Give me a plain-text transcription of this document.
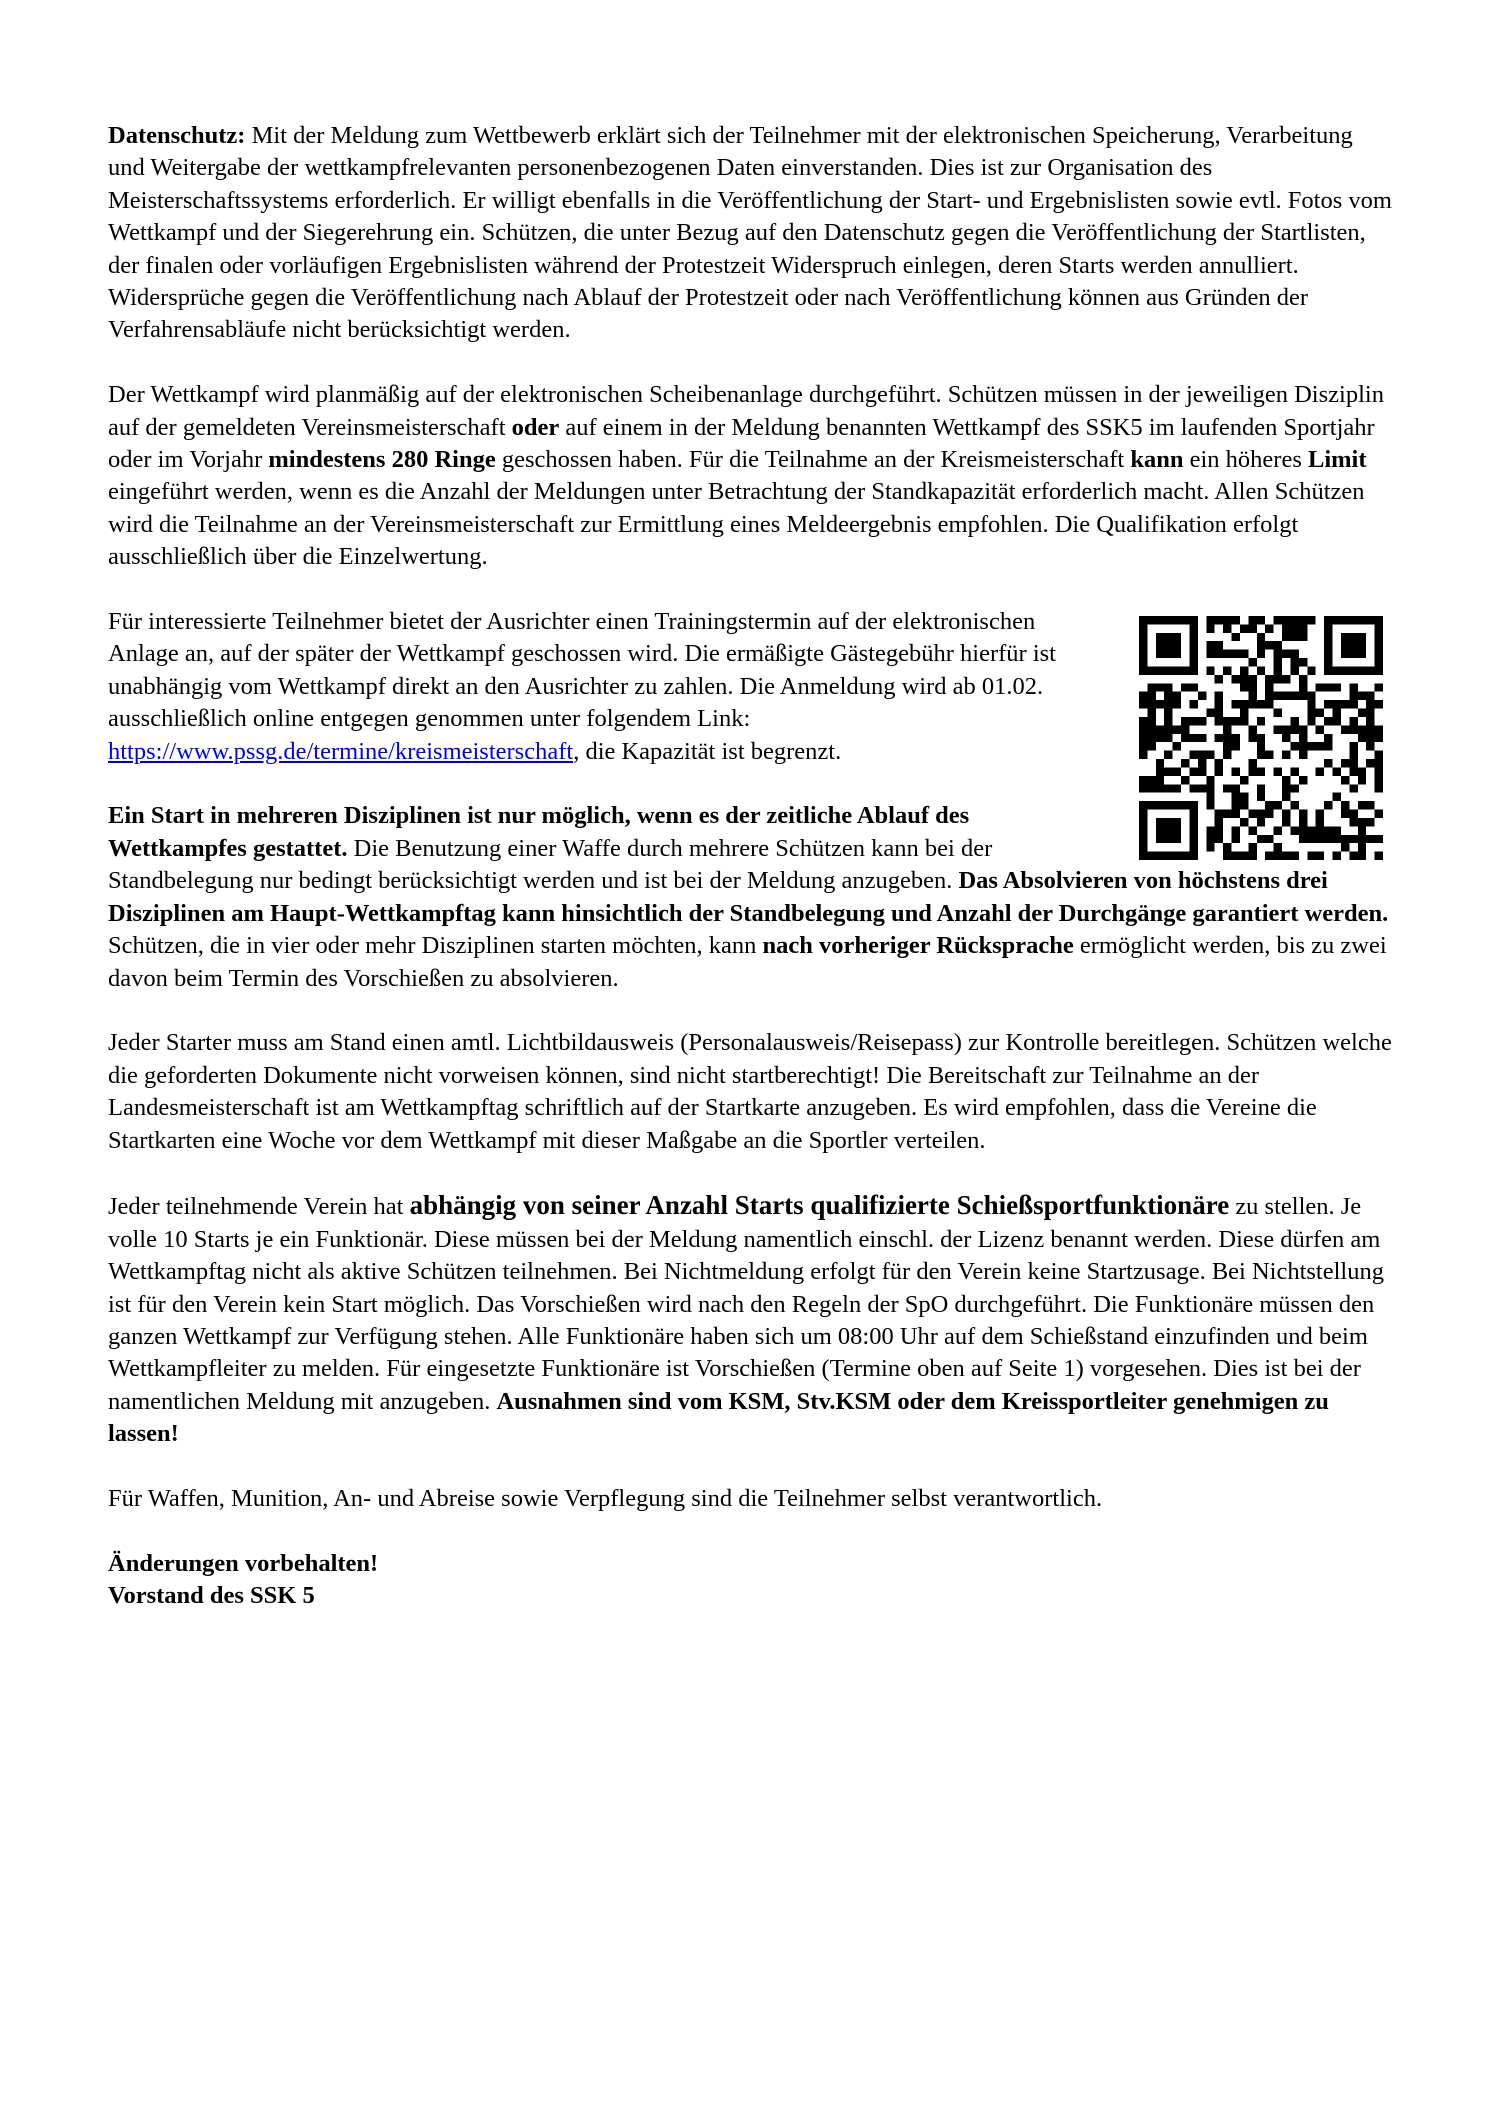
Datenschutz: Mit der Meldung zum Wettbewerb erklärt sich der Teilnehmer mit der elektronischen Speicherung, Verarbeitung und Weitergabe der wettkampfrelevanten personenbezogenen Daten einverstanden. Dies ist zur Organisation des Meisterschaftssystems erforderlich. Er willigt ebenfalls in die Veröffentlichung der Start- und Ergebnislisten sowie evtl. Fotos vom Wettkampf und der Siegerehrung ein. Schützen, die unter Bezug auf den Datenschutz gegen die Veröffentlichung der Startlisten, der finalen oder vorläufigen Ergebnislisten während der Protestzeit Widerspruch einlegen, deren Starts werden annulliert. Widersprüche gegen die Veröffentlichung nach Ablauf der Protestzeit oder nach Veröffentlichung können aus Gründen der Verfahrensabläufe nicht berücksichtigt werden.

Der Wettkampf wird planmäßig auf der elektronischen Scheibenanlage durchgeführt. Schützen müssen in der jeweiligen Disziplin auf der gemeldeten Vereinsmeisterschaft oder auf einem in der Meldung benannten Wettkampf des SSK5 im laufenden Sportjahr oder im Vorjahr mindestens 280 Ringe geschossen haben. Für die Teilnahme an der Kreismeisterschaft kann ein höheres Limit eingeführt werden, wenn es die Anzahl der Meldungen unter Betrachtung der Standkapazität erforderlich macht. Allen Schützen wird die Teilnahme an der Vereinsmeisterschaft zur Ermittlung eines Meldeergebnis empfohlen. Die Qualifikation erfolgt ausschließlich über die Einzelwertung.

Für interessierte Teilnehmer bietet der Ausrichter einen Trainingstermin auf der elektronischen Anlage an, auf der später der Wettkampf geschossen wird. Die ermäßigte Gästegebühr hierfür ist unabhängig vom Wettkampf direkt an den Ausrichter zu zahlen. Die Anmeldung wird ab 01.02. ausschließlich online entgegen genommen unter folgendem Link: https://www.pssg.de/termine/kreismeisterschaft, die Kapazität ist begrenzt.

Ein Start in mehreren Disziplinen ist nur möglich, wenn es der zeitliche Ablauf des Wettkampfes gestattet. Die Benutzung einer Waffe durch mehrere Schützen kann bei der Standbelegung nur bedingt berücksichtigt werden und ist bei der Meldung anzugeben. Das Absolvieren von höchstens drei Disziplinen am Haupt-Wettkampftag kann hinsichtlich der Standbelegung und Anzahl der Durchgänge garantiert werden. Schützen, die in vier oder mehr Disziplinen starten möchten, kann nach vorheriger Rücksprache ermöglicht werden, bis zu zwei davon beim Termin des Vorschießen zu absolvieren.

Jeder Starter muss am Stand einen amtl. Lichtbildausweis (Personalausweis/Reisepass) zur Kontrolle bereitlegen. Schützen welche die geforderten Dokumente nicht vorweisen können, sind nicht startberechtigt! Die Bereitschaft zur Teilnahme an der Landesmeisterschaft ist am Wettkampftag schriftlich auf der Startkarte anzugeben. Es wird empfohlen, dass die Vereine die Startkarten eine Woche vor dem Wettkampf mit dieser Maßgabe an die Sportler verteilen.

Jeder teilnehmende Verein hat abhängig von seiner Anzahl Starts qualifizierte Schießsportfunktionäre zu stellen. Je volle 10 Starts je ein Funktionär. Diese müssen bei der Meldung namentlich einschl. der Lizenz benannt werden. Diese dürfen am Wettkampftag nicht als aktive Schützen teilnehmen. Bei Nichtmeldung erfolgt für den Verein keine Startzusage. Bei Nichtstellung ist für den Verein kein Start möglich. Das Vorschießen wird nach den Regeln der SpO durchgeführt. Die Funktionäre müssen den ganzen Wettkampf zur Verfügung stehen. Alle Funktionäre haben sich um 08:00 Uhr auf dem Schießstand einzufinden und beim Wettkampfleiter zu melden. Für eingesetzte Funktionäre ist Vorschießen (Termine oben auf Seite 1) vorgesehen. Dies ist bei der namentlichen Meldung mit anzugeben. Ausnahmen sind vom KSM, Stv.KSM oder dem Kreissportleiter genehmigen zu lassen!

Für Waffen, Munition, An- und Abreise sowie Verpflegung sind die Teilnehmer selbst verantwortlich.

Änderungen vorbehalten!
Vorstand des SSK 5
